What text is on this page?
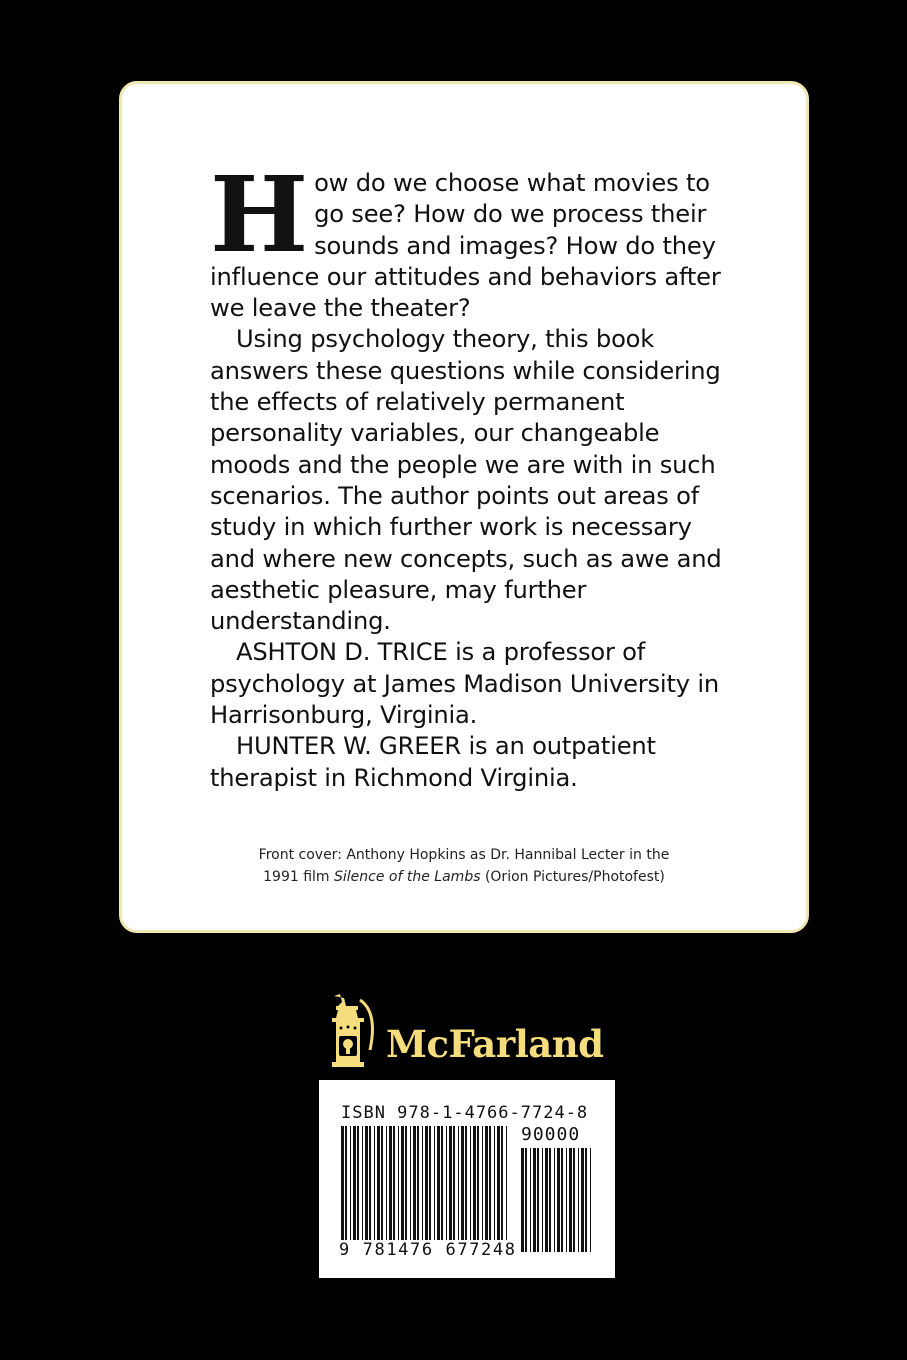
How do we choose what movies to go see? How do we process their sounds and images? How do they influence our attitudes and behaviors after we leave the theater?

Using psychology theory, this book answers these questions while considering the effects of relatively permanent personality variables, our changeable moods and the people we are with in such scenarios. The author points out areas of study in which further work is necessary and where new concepts, such as awe and aesthetic pleasure, may further understanding.

ASHTON D. TRICE is a professor of psychology at James Madison University in Harrisonburg, Virginia.

HUNTER W. GREER is an outpatient therapist in Richmond Virginia.

Front cover: Anthony Hopkins as Dr. Hannibal Lecter in the
1991 film Silence of the Lambs (Orion Pictures/Photofest)
McFarland
ISBN 978-1-4766-7724-8
90000
9 781476 677248
